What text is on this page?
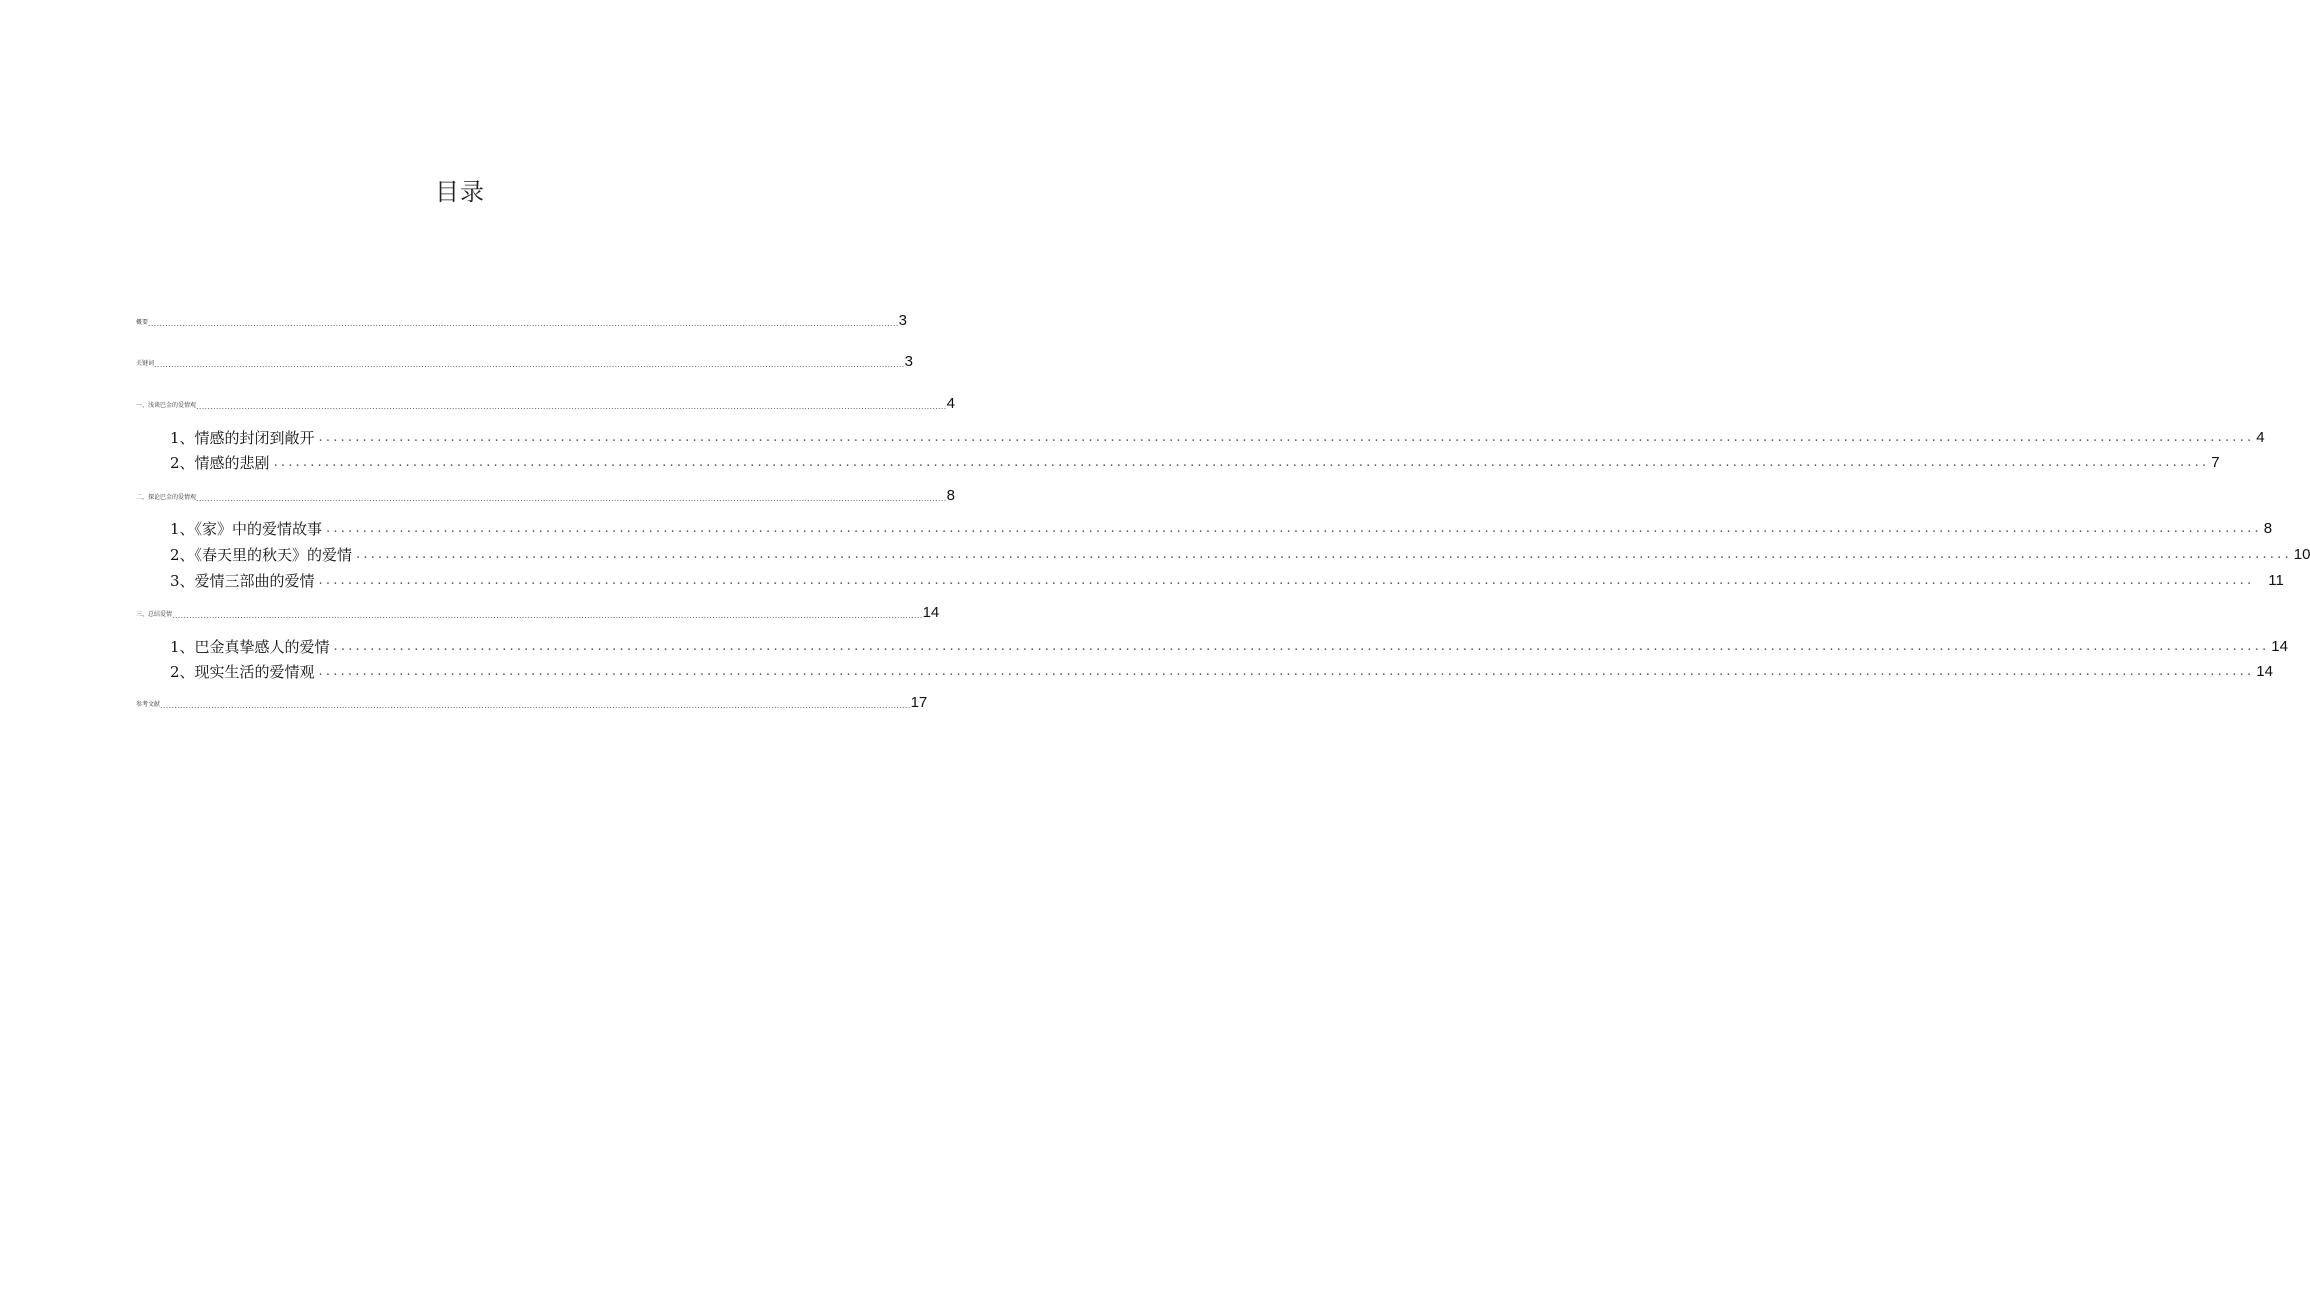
目录
概要 ........................................................................................................................................................................................................................................................................ 3
关键词 ........................................................................................................................................................................................................................................................................ 3
一、 浅谈巴金的爱情观 ........................................................................................................................................................................................................................................................................ 4
1、情感的封闭到敞开 ........................................................................................................................................................................................................................................................................ 4
2、 情感的悲剧 ........................................................................................................................................................................................................................................................................ 7
二、探论巴金的爱情观 ........................................................................................................................................................................................................................................................................ 8
1、《家》中的爱情故事 ........................................................................................................................................................................................................................................................................ 8
2、《春天里的秋天》的爱情 ........................................................................................................................................................................................................................................................................ 10
3、爱情三部曲的爱情 ........................................................................................................................................................................................................................................................................ 11
三、总结爱情 ........................................................................................................................................................................................................................................................................ 14
1、巴金真挚感人的爱情 ........................................................................................................................................................................................................................................................................ 14
2、现实生活的爱情观 ........................................................................................................................................................................................................................................................................ 14
参考文献 ........................................................................................................................................................................................................................................................................ 17
